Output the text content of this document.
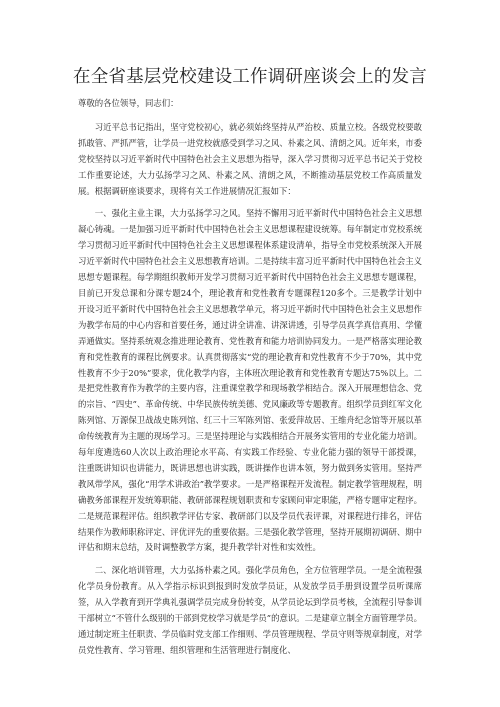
在全省基层党校建设工作调研座谈会上的发言

尊敬的各位领导，同志们：

习近平总书记指出，坚守党校初心，就必须始终坚持从严治校、质量立校。各级党校要敢抓敢管、严抓严管，让学员一进党校就感受到学习之风、朴素之风、清朗之风。近年来，市委党校坚持以习近平新时代中国特色社会主义思想为指导，深入学习贯彻习近平总书记关于党校工作重要论述，大力弘扬学习之风、朴素之风、清朗之风，不断推动基层党校工作高质量发展。根据调研座谈要求，现将有关工作进展情况汇报如下：

一、强化主业主课，大力弘扬学习之风。坚持不懈用习近平新时代中国特色社会主义思想凝心铸魂。一是加强习近平新时代中国特色社会主义思想课程建设统筹。每年制定市党校系统学习贯彻习近平新时代中国特色社会主义思想课程体系建设清单，指导全市党校系统深入开展习近平新时代中国特色社会主义思想教育培训。二是持续丰富习近平新时代中国特色社会主义思想专题课程。每学期组织教师开发学习贯彻习近平新时代中国特色社会主义思想专题课程，目前已开发总课和分课专题24个，理论教育和党性教育专题课程120多个。三是教学计划中开设习近平新时代中国特色社会主义思想教学单元，将习近平新时代中国特色社会主义思想作为教学布局的中心内容和首要任务，通过讲全讲准、讲深讲透，引导学员真学真信真用、学懂弄通做实。坚持系统观念推进理论教育、党性教育和能力培训协同发力。一是严格落实理论教育和党性教育的课程比例要求。认真贯彻落实“党的理论教育和党性教育不少于70%，其中党性教育不少于20%”要求，优化教学内容，主体班次理论教育和党性教育专题达75%以上。二是把党性教育作为教学的主要内容，注重课堂教学和现场教学相结合。深入开展理想信念、党的宗旨、“四史”、革命传统、中华民族传统美德、党风廉政等专题教育。组织学员到红军文化陈列馆、万源保卫战战史陈列馆、红三十三军陈列馆、张爱萍故居、王维舟纪念馆等开展以革命传统教育为主题的现场学习。三是坚持理论与实践相结合开展务实管用的专业化能力培训。每年度遴选60人次以上政治理论水平高、有实践工作经验、专业化能力强的领导干部授课，注重既讲知识也讲能力，既讲思想也讲实践，既讲操作也讲本领，努力做到务实管用。坚持严教风带学风，强化“用学术讲政治”教学要求。一是严格课程开发流程。制定教学管理规程，明确教务部课程开发统筹职能、教研部课程规划职责和专家顾问审定职能，严格专题审定程序。二是规范课程评估。组织教学评估专家、教研部门以及学员代表评课，对课程进行排名，评估结果作为教师职称评定、评优评先的重要依据。三是强化教学管理，坚持开展期初调研、期中评估和期末总结，及时调整教学方案，提升教学针对性和实效性。

二、深化培训管理，大力弘扬朴素之风。强化学员角色，全方位管理学员。一是全流程强化学员身份教育。从入学指示标识到报到时发放学员证，从发放学员手册到设置学员听课席签，从入学教育到开学典礼强调学员完成身份转变，从学员论坛到学员考核，全流程引导参训干部树立“不管什么级别的干部到党校学习就是学员”的意识。二是建章立制全方面管理学员。通过制定班主任职责、学员临时党支部工作细则、学员管理规程、学员守则等规章制度，对学员党性教育、学习管理、组织管理和生活管理进行制度化、
